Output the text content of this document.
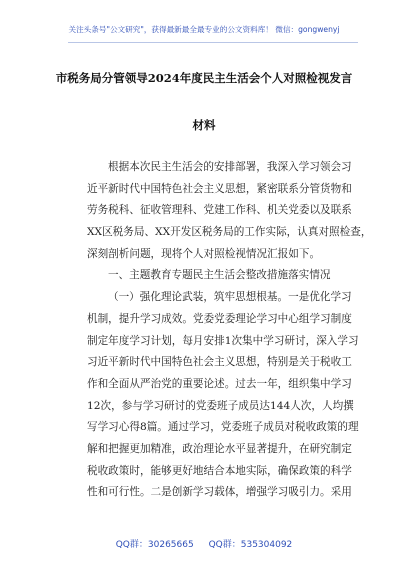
关注头条号"公文研究"，获得最新最全最专业的公文资料库！ 微信：gongwenyj
市税务局分管领导2024年度民主生活会个人对照检视发言
材料
根据本次民主生活会的安排部署，我深入学习领会习
近平新时代中国特色社会主义思想，紧密联系分管货物和
劳务税科、征收管理科、党建工作科、机关党委以及联系
XX区税务局、XX开发区税务局的工作实际，认真对照检查，
深刻剖析问题，现将个人对照检视情况汇报如下。
一、主题教育专题民主生活会整改措施落实情况
（一）强化理论武装，筑牢思想根基。一是优化学习
机制，提升学习成效。党委党委理论学习中心组学习制度
制定年度学习计划，每月安排1次集中学习研讨，深入学习
习近平新时代中国特色社会主义思想，特别是关于税收工
作和全面从严治党的重要论述。过去一年，组织集中学习
12次，参与学习研讨的党委班子成员达144人次，人均撰
写学习心得8篇。通过学习，党委班子成员对税收政策的理
解和把握更加精准，政治理论水平显著提升，在研究制定
税收政策时，能够更好地结合本地实际，确保政策的科学
性和可行性。二是创新学习载体，增强学习吸引力。采用
QQ群：30265665 QQ群：535304092
